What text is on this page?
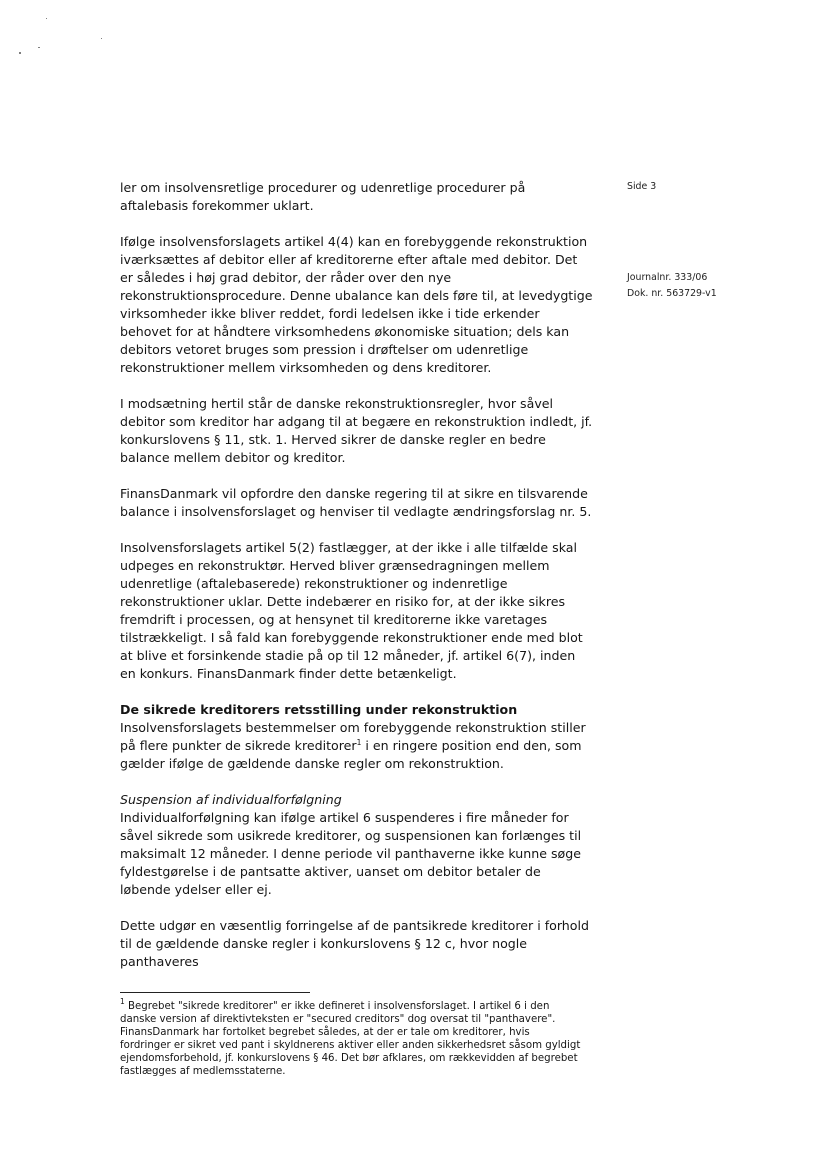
Side 3
Journalnr. 333/06
Dok. nr. 563729-v1

ler om insolvensretlige procedurer og udenretlige procedurer på aftalebasis forekommer uklart.

Ifølge insolvensforslagets artikel 4(4) kan en forebyggende rekonstruktion iværksættes af debitor eller af kreditorerne efter aftale med debitor. Det er således i høj grad debitor, der råder over den nye rekonstruktionsprocedure. Denne ubalance kan dels føre til, at levedygtige virksomheder ikke bliver reddet, fordi ledelsen ikke i tide erkender behovet for at håndtere virksomhedens økonomiske situation; dels kan debitors vetoret bruges som pression i drøftelser om udenretlige rekonstruktioner mellem virksomheden og dens kreditorer.

I modsætning hertil står de danske rekonstruktionsregler, hvor såvel debitor som kreditor har adgang til at begære en rekonstruktion indledt, jf. konkurslovens § 11, stk. 1. Herved sikrer de danske regler en bedre balance mellem debitor og kreditor.

FinansDanmark vil opfordre den danske regering til at sikre en tilsvarende balance i insolvensforslaget og henviser til vedlagte ændringsforslag nr. 5.

Insolvensforslagets artikel 5(2) fastlægger, at der ikke i alle tilfælde skal udpeges en rekonstruktør. Herved bliver grænsedragningen mellem udenretlige (aftalebaserede) rekonstruktioner og indenretlige rekonstruktioner uklar. Dette indebærer en risiko for, at der ikke sikres fremdrift i processen, og at hensynet til kreditorerne ikke varetages tilstrækkeligt. I så fald kan forebyggende rekonstruktioner ende med blot at blive et forsinkende stadie på op til 12 måneder, jf. artikel 6(7), inden en konkurs. FinansDanmark finder dette betænkeligt.

De sikrede kreditorers retsstilling under rekonstruktion

Insolvensforslagets bestemmelser om forebyggende rekonstruktion stiller på flere punkter de sikrede kreditorer$^1$ i en ringere position end den, som gælder ifølge de gældende danske regler om rekonstruktion.

Suspension af individualforfølgning

Individualforfølgning kan ifølge artikel 6 suspenderes i fire måneder for såvel sikrede som usikrede kreditorer, og suspensionen kan forlænges til maksimalt 12 måneder. I denne periode vil panthaverne ikke kunne søge fyldestgørelse i de pantsatte aktiver, uanset om debitor betaler de løbende ydelser eller ej.

Dette udgør en væsentlig forringelse af de pantsikrede kreditorer i forhold til de gældende danske regler i konkurslovens § 12 c, hvor nogle panthaveres

$^1$ Begrebet "sikrede kreditorer" er ikke defineret i insolvensforslaget. I artikel 6 i den danske version af direktivteksten er "secured creditors" dog oversat til "panthavere". FinansDanmark har fortolket begrebet således, at der er tale om kreditorer, hvis fordringer er sikret ved pant i skyldnerens aktiver eller anden sikkerhedsret såsom gyldigt ejendomsforbehold, jf. konkurslovens § 46. Det bør afklares, om rækkevidden af begrebet fastlægges af medlemsstaterne.
